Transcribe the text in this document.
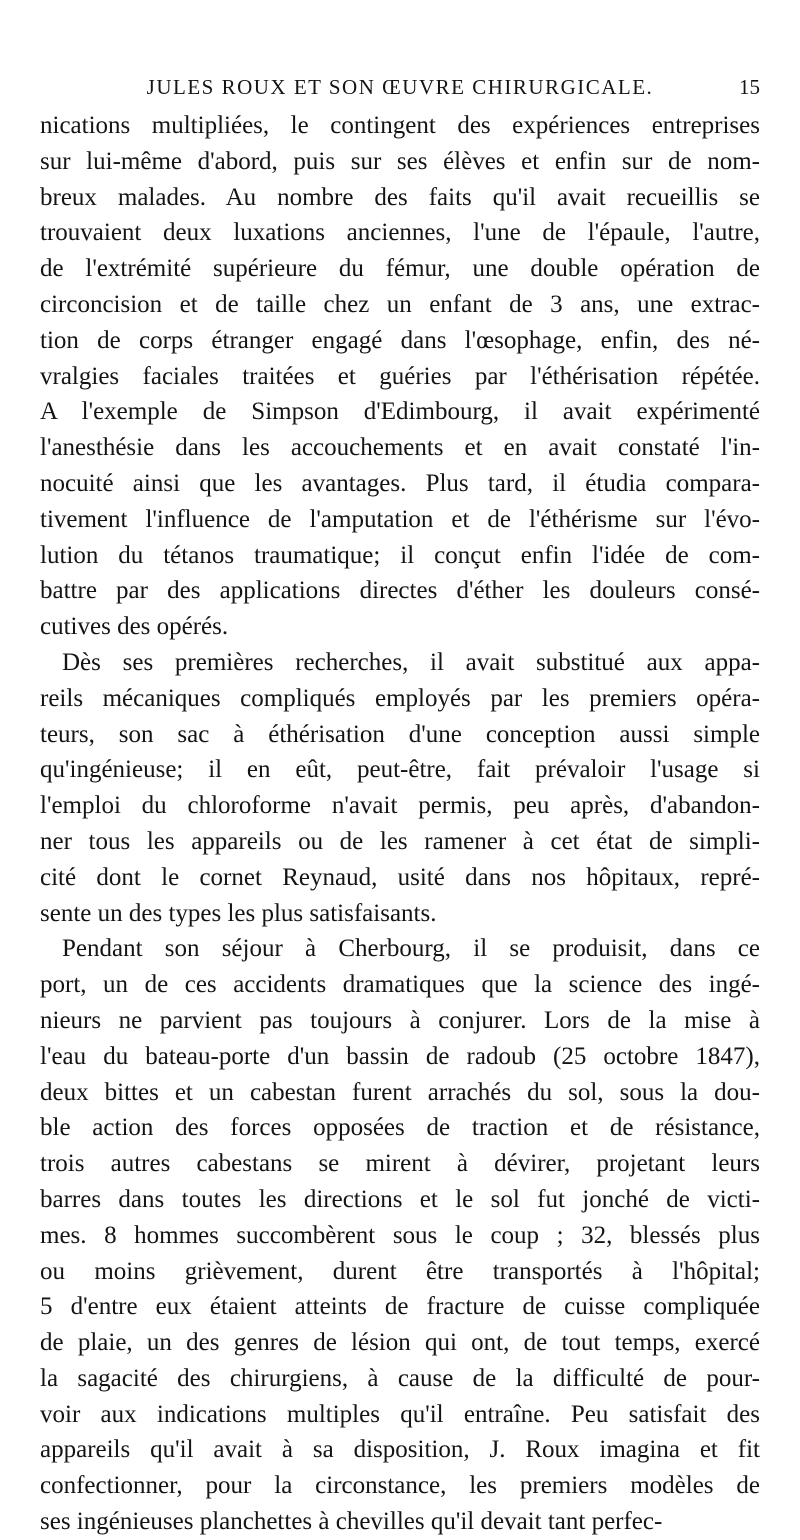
JULES ROUX ET SON ŒUVRE CHIRURGICALE.	15
nications multipliées, le contingent des expériences entreprises
sur lui-même d'abord, puis sur ses élèves et enfin sur de nom-
breux malades. Au nombre des faits qu'il avait recueillis se
trouvaient deux luxations anciennes, l'une de l'épaule, l'autre,
de l'extrémité supérieure du fémur, une double opération de
circoncision et de taille chez un enfant de 3 ans, une extrac-
tion de corps étranger engagé dans l'œsophage, enfin, des né-
vralgies faciales traitées et guéries par l'éthérisation répétée.
A l'exemple de Simpson d'Edimbourg, il avait expérimenté
l'anesthésie dans les accouchements et en avait constaté l'in-
nocuité ainsi que les avantages. Plus tard, il étudia compara-
tivement l'influence de l'amputation et de l'éthérisme sur l'évo-
lution du tétanos traumatique; il conçut enfin l'idée de com-
battre par des applications directes d'éther les douleurs consé-
cutives des opérés.
Dès ses premières recherches, il avait substitué aux appa-
reils mécaniques compliqués employés par les premiers opéra-
teurs, son sac à éthérisation d'une conception aussi simple
qu'ingénieuse; il en eût, peut-être, fait prévaloir l'usage si
l'emploi du chloroforme n'avait permis, peu après, d'abandon-
ner tous les appareils ou de les ramener à cet état de simpli-
cité dont le cornet Reynaud, usité dans nos hôpitaux, repré-
sente un des types les plus satisfaisants.
Pendant son séjour à Cherbourg, il se produisit, dans ce
port, un de ces accidents dramatiques que la science des ingé-
nieurs ne parvient pas toujours à conjurer. Lors de la mise à
l'eau du bateau-porte d'un bassin de radoub (25 octobre 1847),
deux bittes et un cabestan furent arrachés du sol, sous la dou-
ble action des forces opposées de traction et de résistance,
trois autres cabestans se mirent à dévirer, projetant leurs
barres dans toutes les directions et le sol fut jonché de victi-
mes. 8 hommes succombèrent sous le coup ; 32, blessés plus
ou moins grièvement, durent être transportés à l'hôpital;
5 d'entre eux étaient atteints de fracture de cuisse compliquée
de plaie, un des genres de lésion qui ont, de tout temps, exercé
la sagacité des chirurgiens, à cause de la difficulté de pour-
voir aux indications multiples qu'il entraîne. Peu satisfait des
appareils qu'il avait à sa disposition, J. Roux imagina et fit
confectionner, pour la circonstance, les premiers modèles de
ses ingénieuses planchettes à chevilles qu'il devait tant perfec-
